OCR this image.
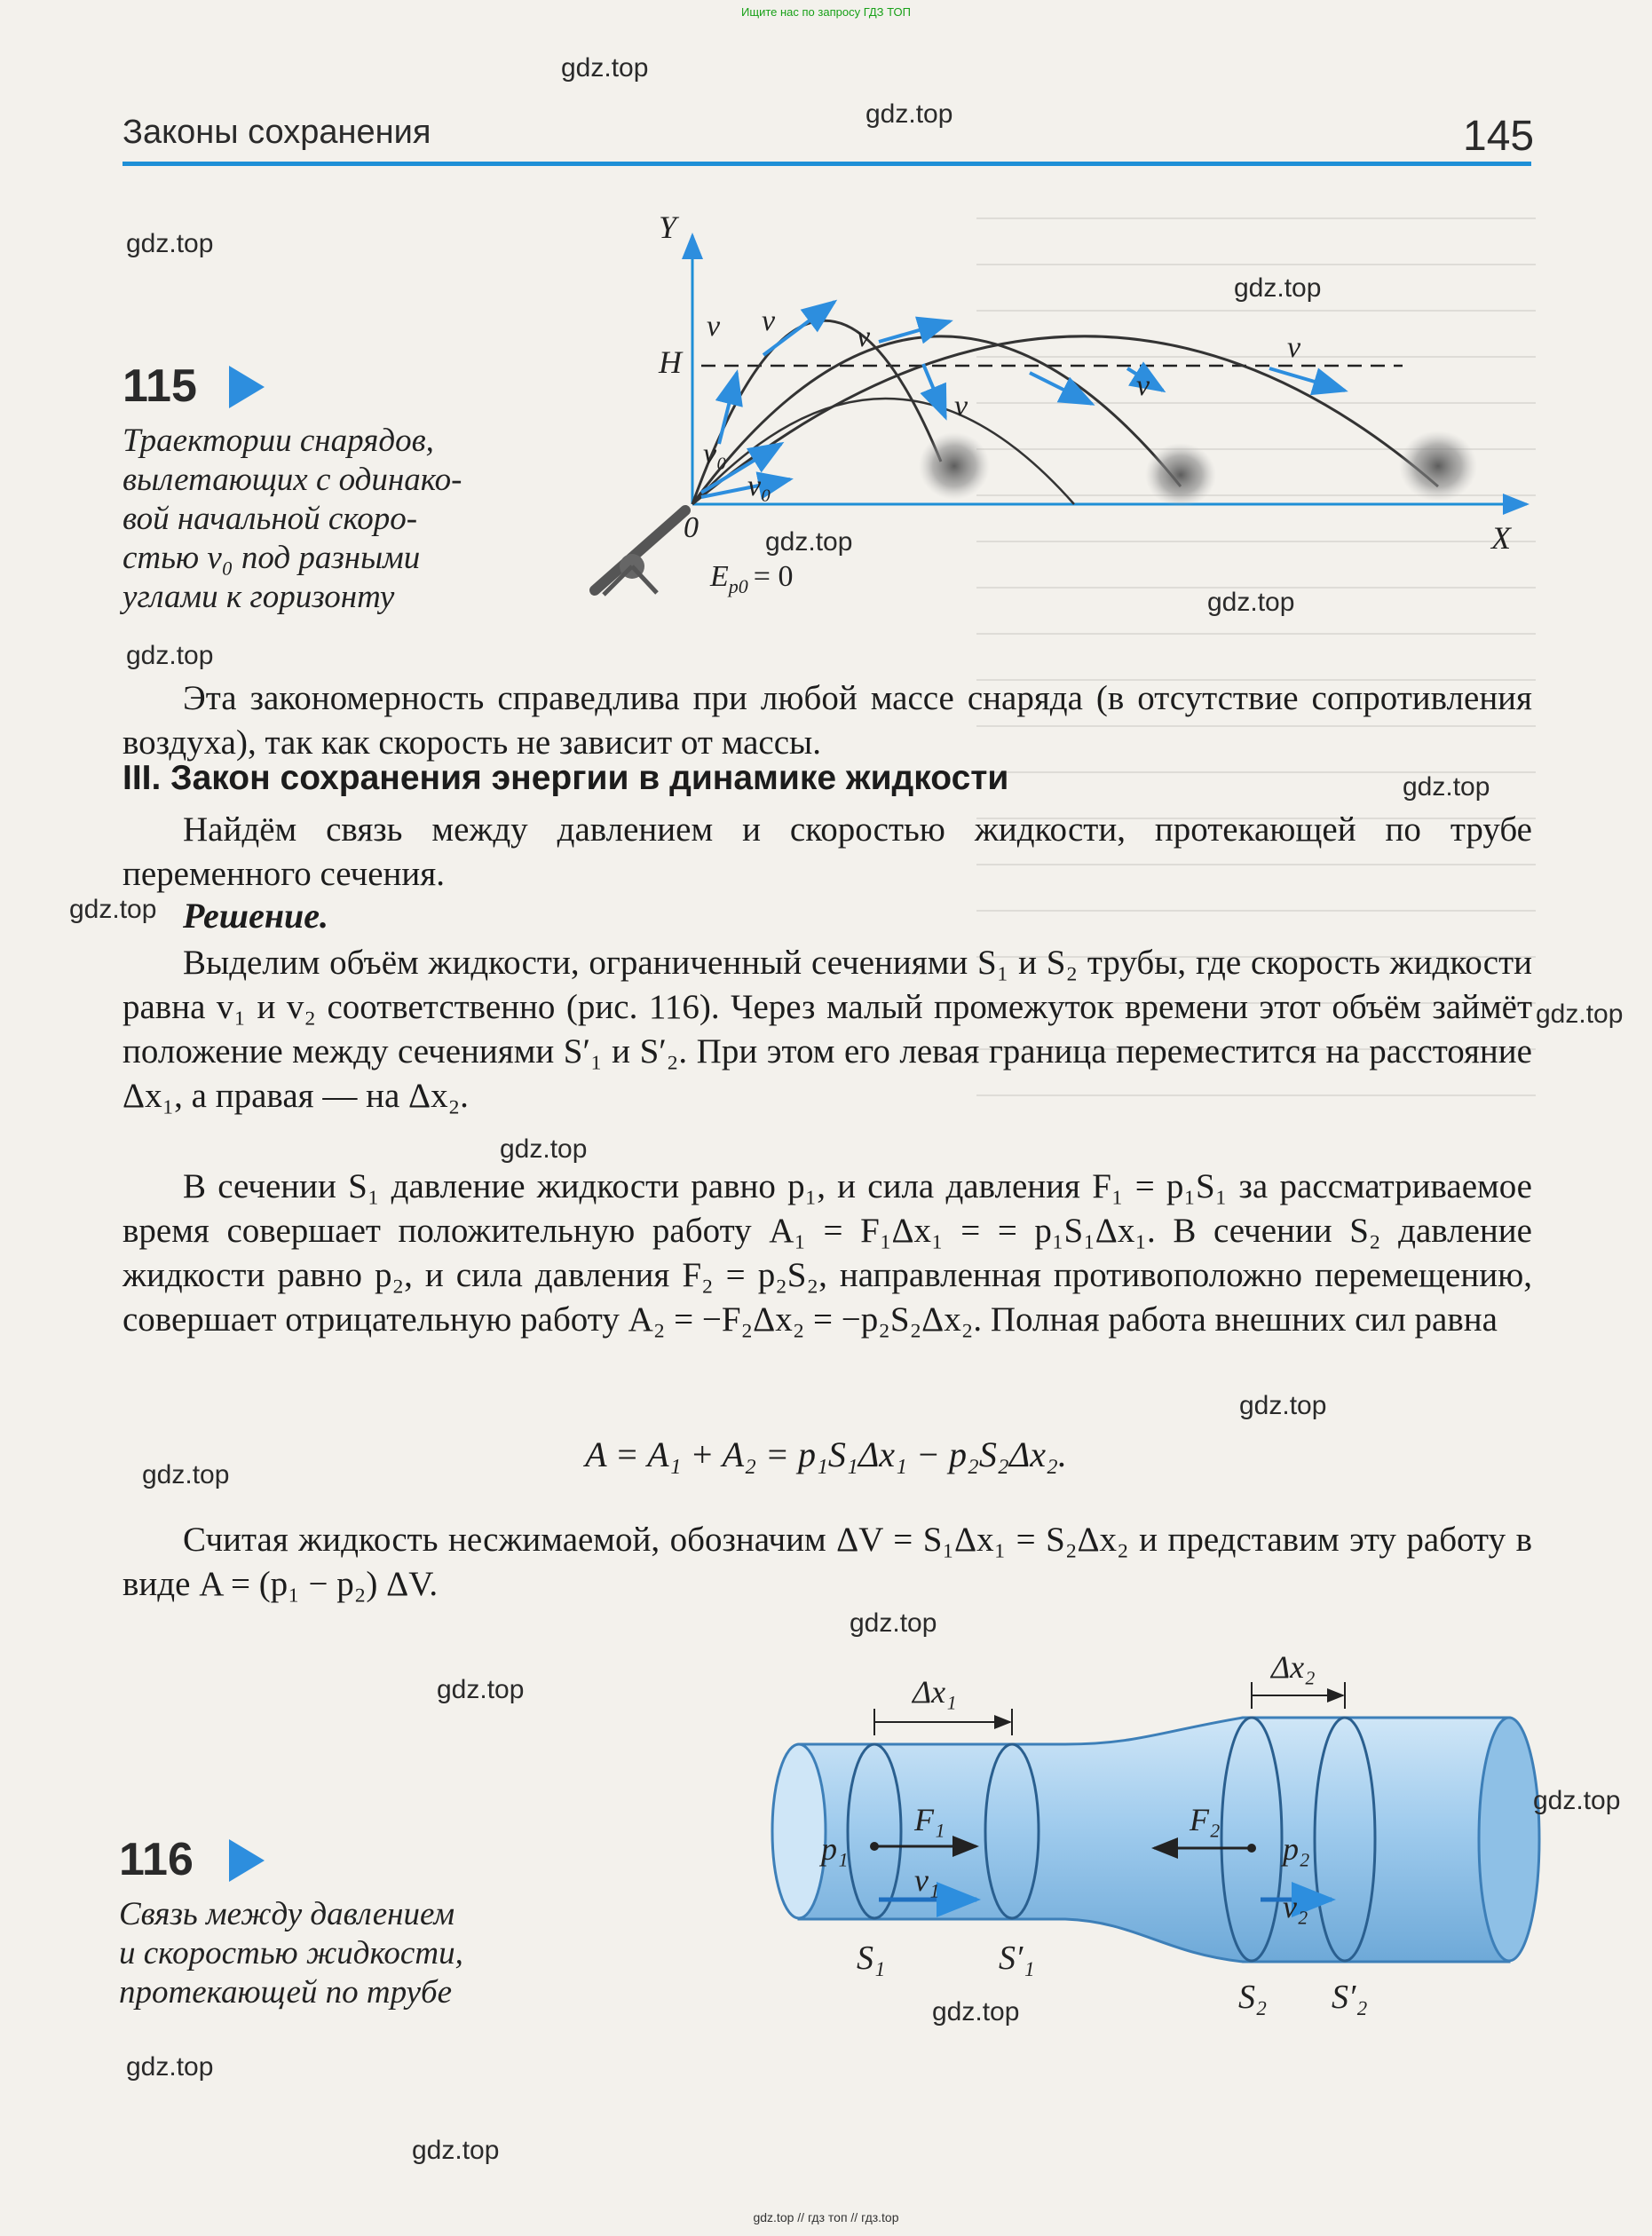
Ищите нас по запросу ГДЗ ТОП
Законы сохранения	145
115
Траектории снарядов,
вылетающих с одинако-
вой начальной скоро-
стью v₀ под разными
углами к горизонту
Y
X
H
0
v v	v
v
v
v
v₀
v₀
$E_{p0} = 0$

Эта закономерность справедлива при любой массе снаряда (в отсутствие сопротивления воздуха), так как скорость не зависит от массы.

III. Закон сохранения энергии в динамике жидкости

Найдём связь между давлением и скоростью жидкости, протекающей по трубе переменного сечения.

Решение.

Выделим объём жидкости, ограниченный сечениями S₁ и S₂ трубы, где скорость жидкости равна v₁ и v₂ соответственно (рис. 116). Через малый промежуток времени этот объём займёт положение между сечениями S′₁ и S′₂. При этом его левая граница переместится на расстояние Δx₁, а правая — на Δx₂.

В сечении S₁ давление жидкости равно p₁, и сила давления F₁ = p₁S₁ за рассматриваемое время совершает положительную работу A₁ = F₁Δx₁ = = p₁S₁Δx₁. В сечении S₂ давление жидкости равно p₂, и сила давления F₂ = p₂S₂, направленная противоположно перемещению, совершает отрицательную работу A₂ = −F₂Δx₂ = −p₂S₂Δx₂. Полная работа внешних сил равна

A = A₁ + A₂ = p₁S₁Δx₁ − p₂S₂Δx₂.

Считая жидкость несжимаемой, обозначим ΔV = S₁Δx₁ = S₂Δx₂ и представим эту работу в виде A = (p₁ − p₂) ΔV.

116
Связь между давлением
и скоростью жидкости,
протекающей по трубе
Δx₁
Δx₂
p₁	p₂
F₁	F₂
v₁
v₂
S₁	S′₁
S₂ S′₂
gdz.top
gdz.top
gdz.top
gdz.top
gdz.top
gdz.top
gdz.top
gdz.top
gdz.top
gdz.top
gdz.top
gdz.top
gdz.top
gdz.top
gdz.top
gdz.top
gdz.top
gdz.top
gdz.top
gdz.top // гдз топ // гдз.top
